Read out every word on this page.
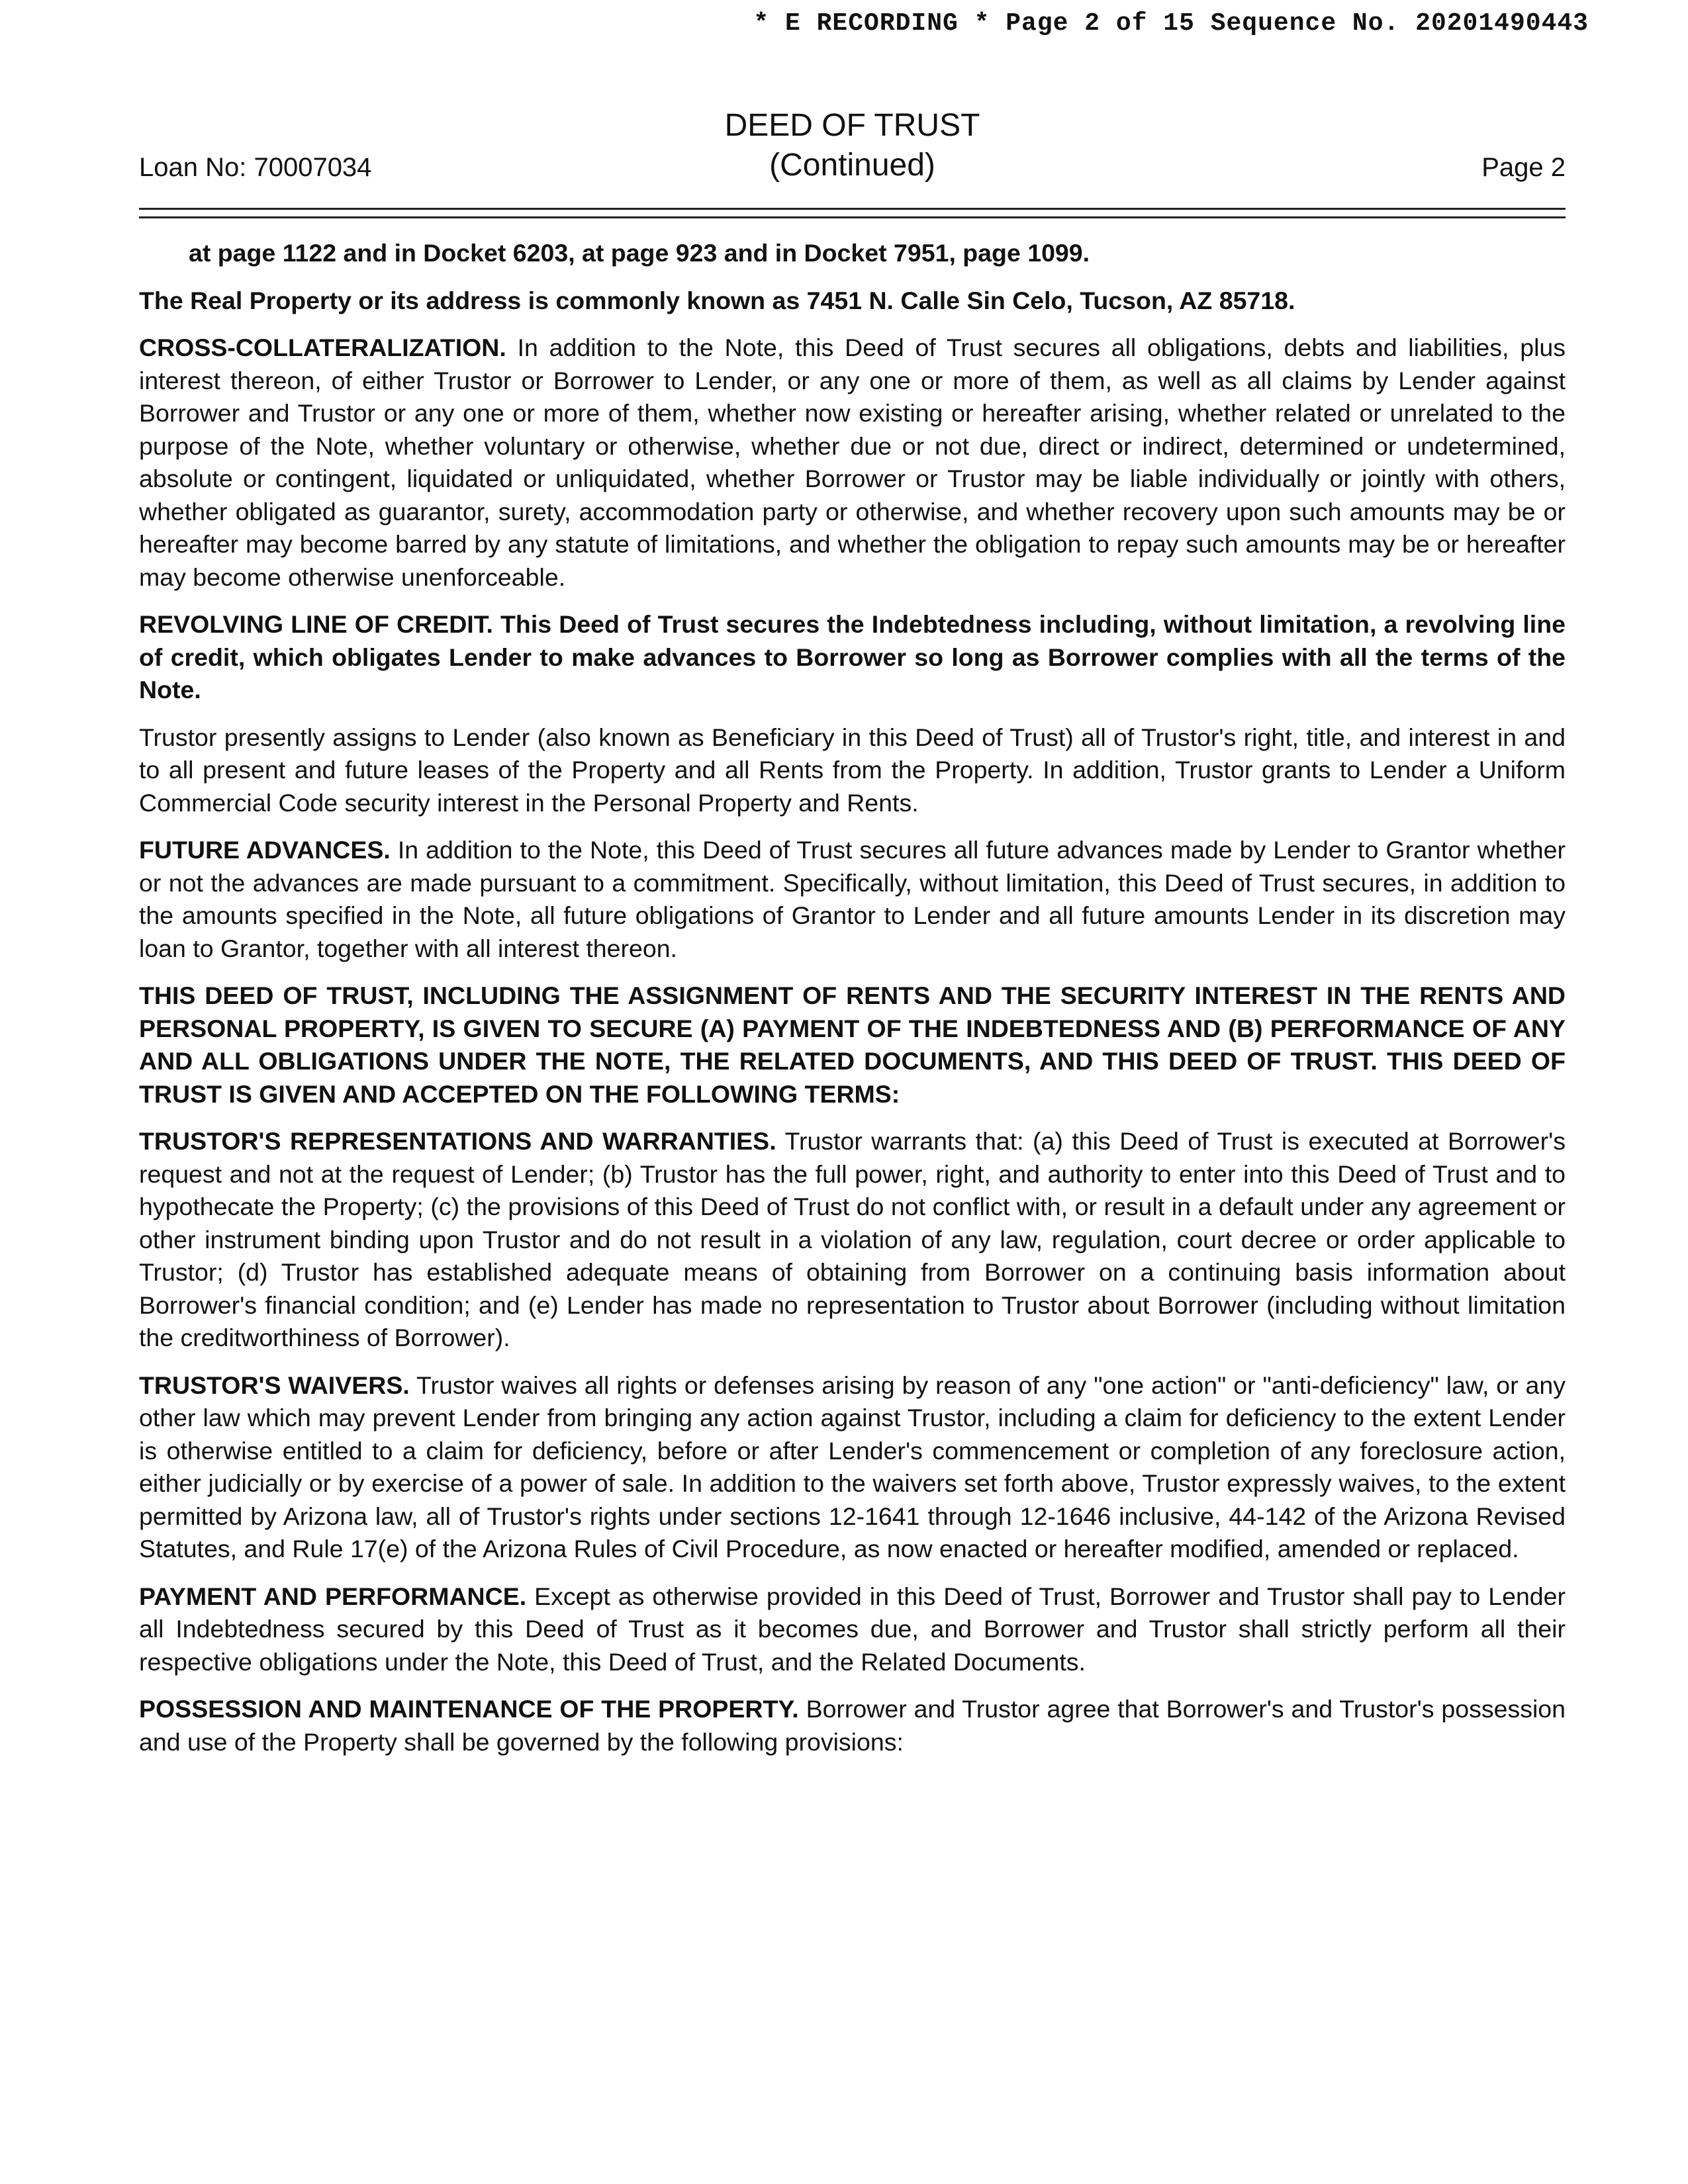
* E RECORDING * Page 2 of 15 Sequence No. 20201490443
DEED OF TRUST
(Continued)
Loan No: 70007034	Page 2

at page 1122 and in Docket 6203, at page 923 and in Docket 7951, page 1099.

The Real Property or its address is commonly known as 7451 N. Calle Sin Celo, Tucson, AZ 85718.

CROSS-COLLATERALIZATION. In addition to the Note, this Deed of Trust secures all obligations, debts and liabilities, plus interest thereon, of either Trustor or Borrower to Lender, or any one or more of them, as well as all claims by Lender against Borrower and Trustor or any one or more of them, whether now existing or hereafter arising, whether related or unrelated to the purpose of the Note, whether voluntary or otherwise, whether due or not due, direct or indirect, determined or undetermined, absolute or contingent, liquidated or unliquidated, whether Borrower or Trustor may be liable individually or jointly with others, whether obligated as guarantor, surety, accommodation party or otherwise, and whether recovery upon such amounts may be or hereafter may become barred by any statute of limitations, and whether the obligation to repay such amounts may be or hereafter may become otherwise unenforceable.

REVOLVING LINE OF CREDIT. This Deed of Trust secures the Indebtedness including, without limitation, a revolving line of credit, which obligates Lender to make advances to Borrower so long as Borrower complies with all the terms of the Note.

Trustor presently assigns to Lender (also known as Beneficiary in this Deed of Trust) all of Trustor's right, title, and interest in and to all present and future leases of the Property and all Rents from the Property. In addition, Trustor grants to Lender a Uniform Commercial Code security interest in the Personal Property and Rents.

FUTURE ADVANCES. In addition to the Note, this Deed of Trust secures all future advances made by Lender to Grantor whether or not the advances are made pursuant to a commitment. Specifically, without limitation, this Deed of Trust secures, in addition to the amounts specified in the Note, all future obligations of Grantor to Lender and all future amounts Lender in its discretion may loan to Grantor, together with all interest thereon.

THIS DEED OF TRUST, INCLUDING THE ASSIGNMENT OF RENTS AND THE SECURITY INTEREST IN THE RENTS AND PERSONAL PROPERTY, IS GIVEN TO SECURE (A) PAYMENT OF THE INDEBTEDNESS AND (B) PERFORMANCE OF ANY AND ALL OBLIGATIONS UNDER THE NOTE, THE RELATED DOCUMENTS, AND THIS DEED OF TRUST. THIS DEED OF TRUST IS GIVEN AND ACCEPTED ON THE FOLLOWING TERMS:

TRUSTOR'S REPRESENTATIONS AND WARRANTIES. Trustor warrants that: (a) this Deed of Trust is executed at Borrower's request and not at the request of Lender; (b) Trustor has the full power, right, and authority to enter into this Deed of Trust and to hypothecate the Property; (c) the provisions of this Deed of Trust do not conflict with, or result in a default under any agreement or other instrument binding upon Trustor and do not result in a violation of any law, regulation, court decree or order applicable to Trustor; (d) Trustor has established adequate means of obtaining from Borrower on a continuing basis information about Borrower's financial condition; and (e) Lender has made no representation to Trustor about Borrower (including without limitation the creditworthiness of Borrower).

TRUSTOR'S WAIVERS. Trustor waives all rights or defenses arising by reason of any "one action" or "anti-deficiency" law, or any other law which may prevent Lender from bringing any action against Trustor, including a claim for deficiency to the extent Lender is otherwise entitled to a claim for deficiency, before or after Lender's commencement or completion of any foreclosure action, either judicially or by exercise of a power of sale. In addition to the waivers set forth above, Trustor expressly waives, to the extent permitted by Arizona law, all of Trustor's rights under sections 12-1641 through 12-1646 inclusive, 44-142 of the Arizona Revised Statutes, and Rule 17(e) of the Arizona Rules of Civil Procedure, as now enacted or hereafter modified, amended or replaced.

PAYMENT AND PERFORMANCE. Except as otherwise provided in this Deed of Trust, Borrower and Trustor shall pay to Lender all Indebtedness secured by this Deed of Trust as it becomes due, and Borrower and Trustor shall strictly perform all their respective obligations under the Note, this Deed of Trust, and the Related Documents.

POSSESSION AND MAINTENANCE OF THE PROPERTY. Borrower and Trustor agree that Borrower's and Trustor's possession and use of the Property shall be governed by the following provisions:
